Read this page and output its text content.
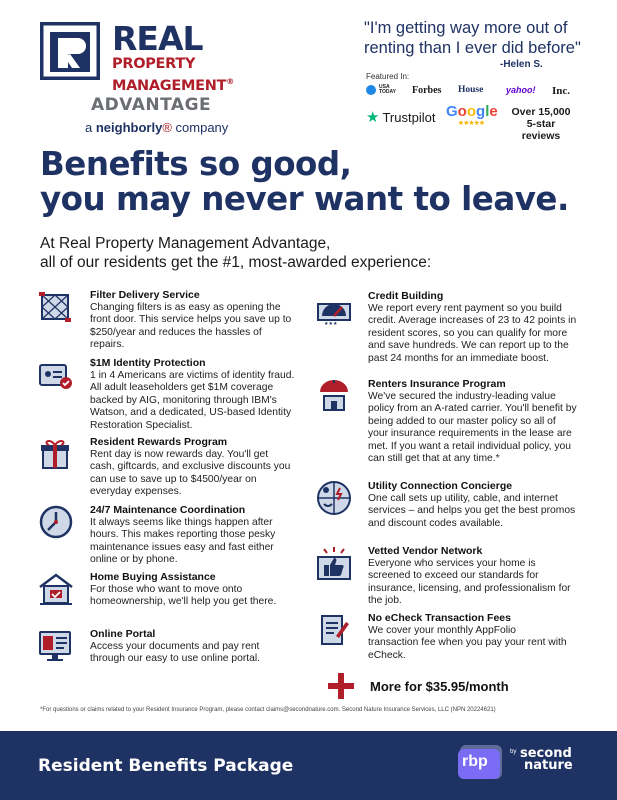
REAL
PROPERTY
MANAGEMENT®
ADVANTAGE
a neighborly® company
"I'm getting way more out of renting than I ever did before"
-Helen S.
Featured In:
USA TODAY	Forbes House	yahoo! Inc.
★ Trustpilot Google
★★★★★
Over 15,000
5-star reviews
Benefits so good,
you may never want to leave.
At Real Property Management Advantage,
all of our residents get the #1, most-awarded experience:
Filter Delivery Service
Changing filters is as easy as opening the front door. This service helps you save up to $250/year and reduces the hassles of repairs.
$1M Identity Protection
1 in 4 Americans are victims of identity fraud. All adult leaseholders get $1M coverage backed by AIG, monitoring through IBM's Watson, and a dedicated, US-based Identity Restoration Specialist.
Resident Rewards Program
Rent day is now rewards day. You'll get cash, giftcards, and exclusive discounts you can use to save up to $4500/year on everyday expenses.
24/7 Maintenance Coordination
It always seems like things happen after hours. This makes reporting those pesky maintenance issues easy and fast either online or by phone.
Home Buying Assistance
For those who want to move onto homeownership, we'll help you get there.
Online Portal
Access your documents and pay rent through our easy to use online portal.
★★★
Credit Building
We report every rent payment so you build credit. Average increases of 23 to 42 points in resident scores, so you can qualify for more and save hundreds. We can report up to the past 24 months for an immediate boost.
Renters Insurance Program
We've secured the industry-leading value policy from an A-rated carrier. You'll benefit by being added to our master policy so all of your insurance requirements in the lease are met. If you want a retail individual policy, you can still get that at any time.*
Utility Connection Concierge
One call sets up utility, cable, and internet services – and helps you get the best promos and discount codes available.
Vetted Vendor Network
Everyone who services your home is screened to exceed our standards for insurance, licensing, and professionalism for the job.
No eCheck Transaction Fees
We cover your monthly AppFolio transaction fee when you pay your rent with eCheck.
More for $35.95/month
*For questions or claims related to your Resident Insurance Program, please contact claims@secondnature.com. Second Nature Insurance Services, LLC (NPN 20224621)
Resident Benefits Package	rbp
by second
nature
